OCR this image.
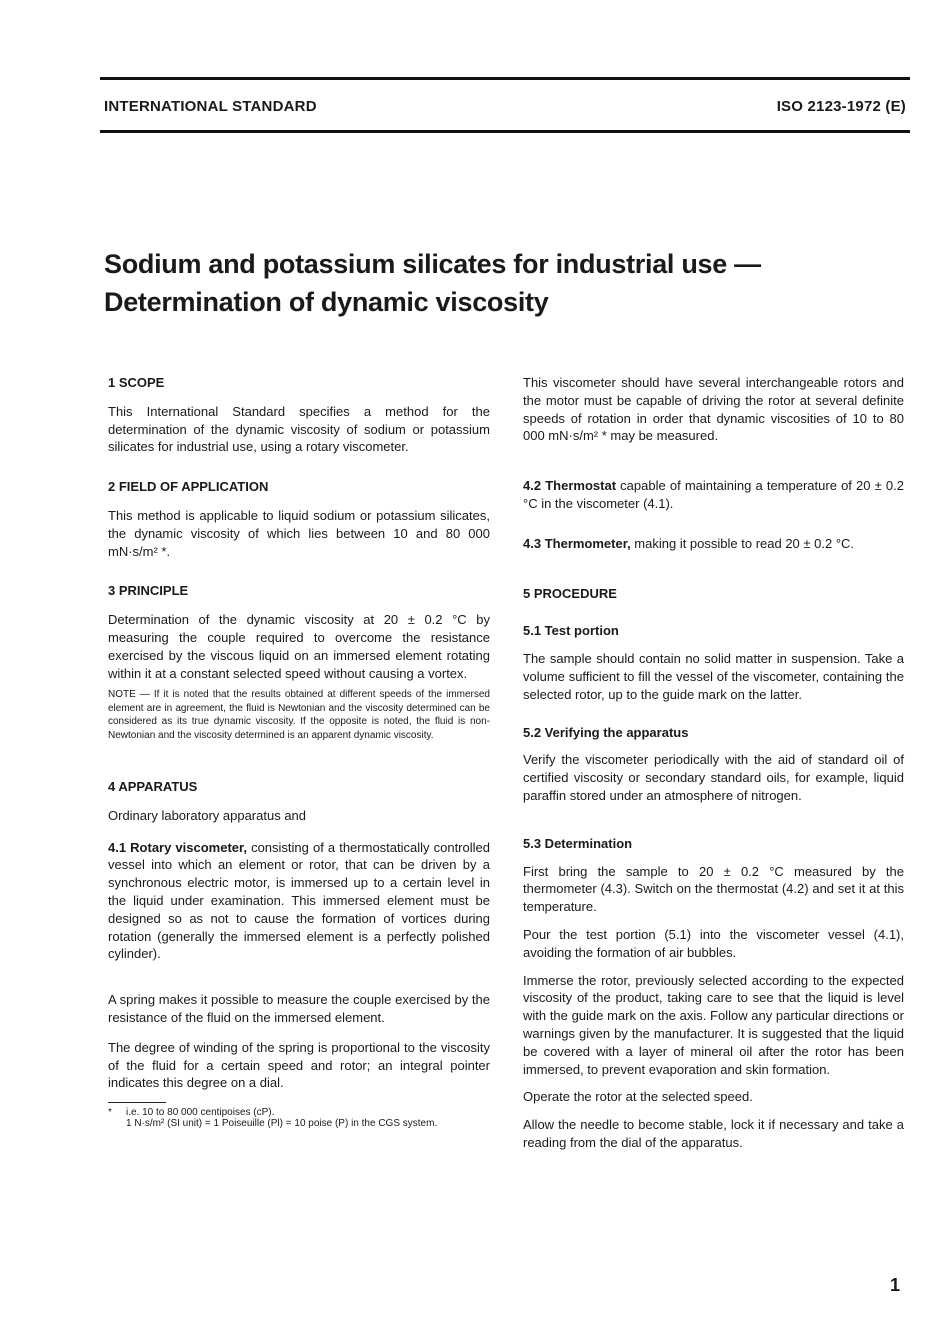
INTERNATIONAL STANDARD	ISO 2123-1972 (E)
Sodium and potassium silicates for industrial use —
Determination of dynamic viscosity

1 SCOPE

This International Standard specifies a method for the determination of the dynamic viscosity of sodium or potassium silicates for industrial use, using a rotary viscometer.

2 FIELD OF APPLICATION

This method is applicable to liquid sodium or potassium silicates, the dynamic viscosity of which lies between 10 and 80 000 mN·s/m² *.

3 PRINCIPLE

Determination of the dynamic viscosity at 20 ± 0.2 °C by measuring the couple required to overcome the resistance exercised by the viscous liquid on an immersed element rotating within it at a constant selected speed without causing a vortex.

NOTE — If it is noted that the results obtained at different speeds of the immersed element are in agreement, the fluid is Newtonian and the viscosity determined can be considered as its true dynamic viscosity. If the opposite is noted, the fluid is non-Newtonian and the viscosity determined is an apparent dynamic viscosity.

4 APPARATUS

Ordinary laboratory apparatus and

4.1 Rotary viscometer, consisting of a thermostatically controlled vessel into which an element or rotor, that can be driven by a synchronous electric motor, is immersed up to a certain level in the liquid under examination. This immersed element must be designed so as not to cause the formation of vortices during rotation (generally the immersed element is a perfectly polished cylinder).

A spring makes it possible to measure the couple exercised by the resistance of the fluid on the immersed element.

The degree of winding of the spring is proportional to the viscosity of the fluid for a certain speed and rotor; an integral pointer indicates this degree on a dial.

* i.e. 10 to 80 000 centipoises (cP).

1 N·s/m² (SI unit) = 1 Poiseuille (Pl) = 10 poise (P) in the CGS system.

This viscometer should have several interchangeable rotors and the motor must be capable of driving the rotor at several definite speeds of rotation in order that dynamic viscosities of 10 to 80 000 mN·s/m² * may be measured.

4.2 Thermostat capable of maintaining a temperature of 20 ± 0.2 °C in the viscometer (4.1).

4.3 Thermometer, making it possible to read 20 ± 0.2 °C.

5 PROCEDURE

5.1 Test portion

The sample should contain no solid matter in suspension. Take a volume sufficient to fill the vessel of the viscometer, containing the selected rotor, up to the guide mark on the latter.

5.2 Verifying the apparatus

Verify the viscometer periodically with the aid of standard oil of certified viscosity or secondary standard oils, for example, liquid paraffin stored under an atmosphere of nitrogen.

5.3 Determination

First bring the sample to 20 ± 0.2 °C measured by the thermometer (4.3). Switch on the thermostat (4.2) and set it at this temperature.

Pour the test portion (5.1) into the viscometer vessel (4.1), avoiding the formation of air bubbles.

Immerse the rotor, previously selected according to the expected viscosity of the product, taking care to see that the liquid is level with the guide mark on the axis. Follow any particular directions or warnings given by the manufacturer. It is suggested that the liquid be covered with a layer of mineral oil after the rotor has been immersed, to prevent evaporation and skin formation.

Operate the rotor at the selected speed.

Allow the needle to become stable, lock it if necessary and take a reading from the dial of the apparatus.

1
